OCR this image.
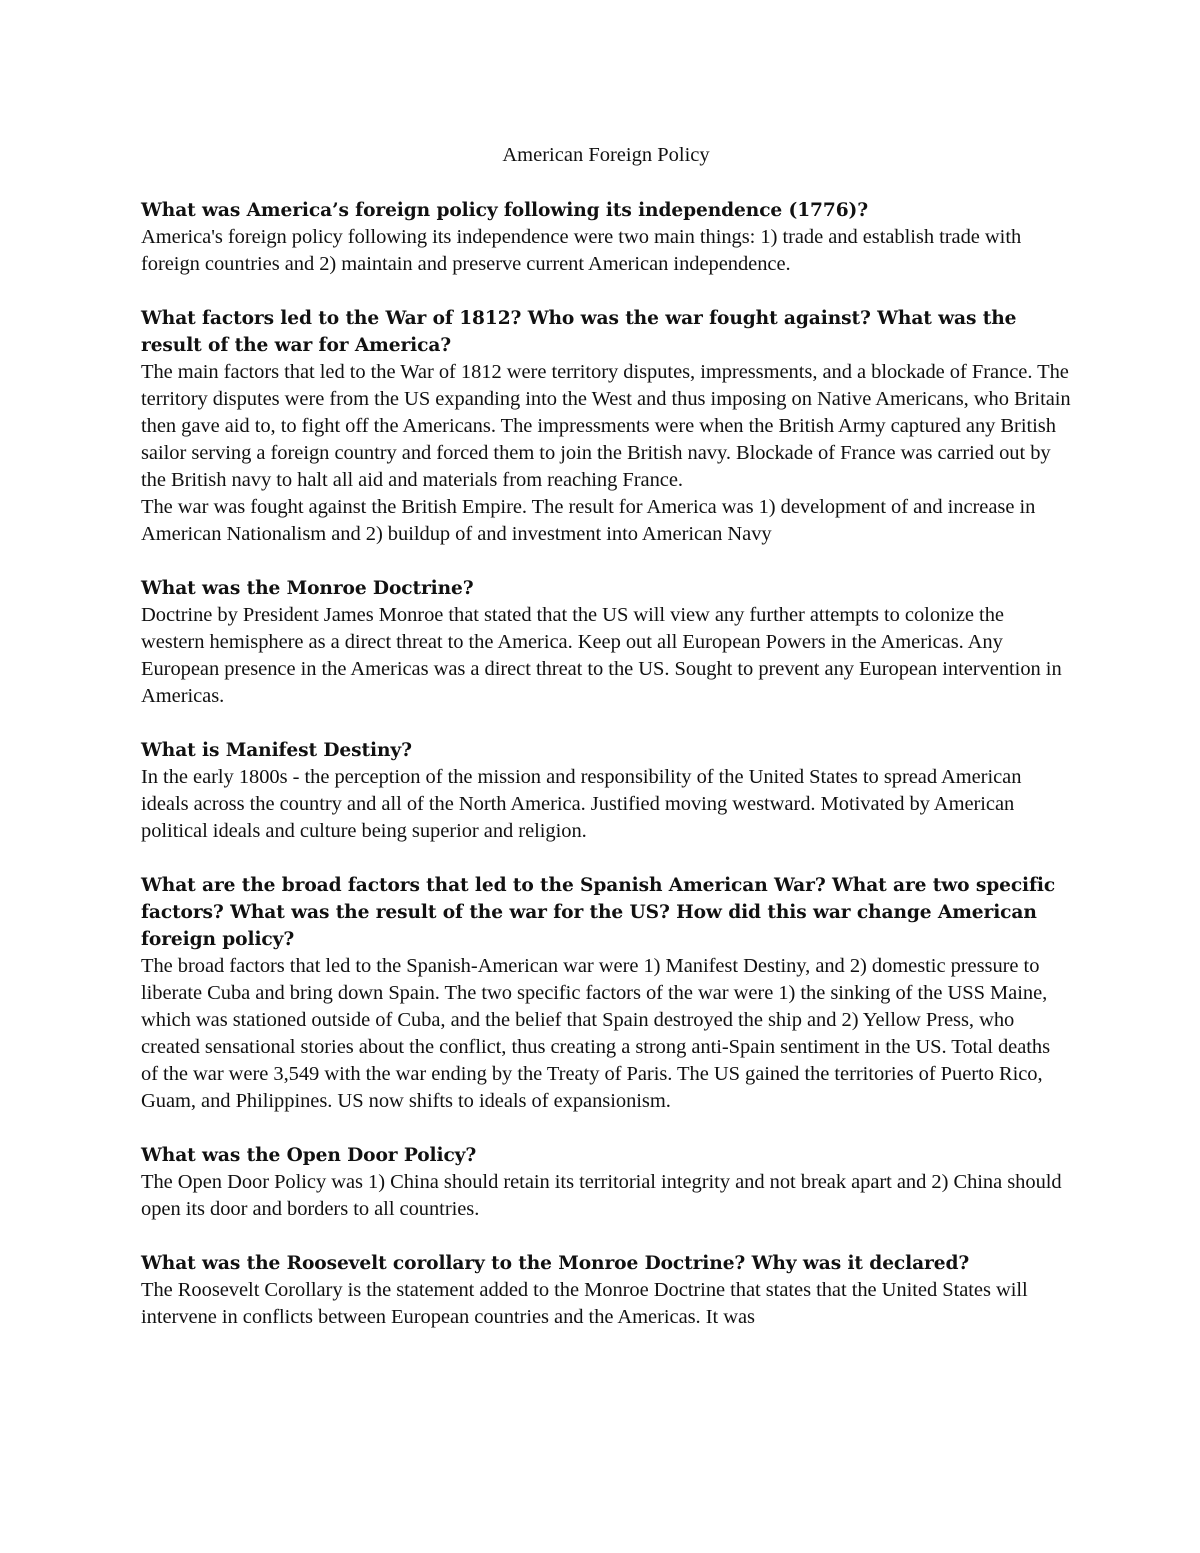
American Foreign Policy

What was America’s foreign policy following its independence (1776)?

America's foreign policy following its independence were two main things: 1) trade and establish trade with foreign countries and 2) maintain and preserve current American independence.

What factors led to the War of 1812? Who was the war fought against? What was the result of the war for America?

The main factors that led to the War of 1812 were territory disputes, impressments, and a blockade of France. The territory disputes were from the US expanding into the West and thus imposing on Native Americans, who Britain then gave aid to, to fight off the Americans. The impressments were when the British Army captured any British sailor serving a foreign country and forced them to join the British navy. Blockade of France was carried out by the British navy to halt all aid and materials from reaching France.

The war was fought against the British Empire. The result for America was 1) development of and increase in American Nationalism and 2) buildup of and investment into American Navy

What was the Monroe Doctrine?

Doctrine by President James Monroe that stated that the US will view any further attempts to colonize the western hemisphere as a direct threat to the America. Keep out all European Powers in the Americas. Any European presence in the Americas was a direct threat to the US. Sought to prevent any European intervention in Americas.

What is Manifest Destiny?

In the early 1800s - the perception of the mission and responsibility of the United States to spread American ideals across the country and all of the North America. Justified moving westward. Motivated by American political ideals and culture being superior and religion.

What are the broad factors that led to the Spanish American War? What are two specific factors? What was the result of the war for the US? How did this war change American foreign policy?

The broad factors that led to the Spanish-American war were 1) Manifest Destiny, and 2) domestic pressure to liberate Cuba and bring down Spain. The two specific factors of the war were 1) the sinking of the USS Maine, which was stationed outside of Cuba, and the belief that Spain destroyed the ship and 2) Yellow Press, who created sensational stories about the conflict, thus creating a strong anti-Spain sentiment in the US. Total deaths of the war were 3,549 with the war ending by the Treaty of Paris. The US gained the territories of Puerto Rico, Guam, and Philippines. US now shifts to ideals of expansionism.

What was the Open Door Policy?

The Open Door Policy was 1) China should retain its territorial integrity and not break apart and 2) China should open its door and borders to all countries.

What was the Roosevelt corollary to the Monroe Doctrine? Why was it declared?

The Roosevelt Corollary is the statement added to the Monroe Doctrine that states that the United States will intervene in conflicts between European countries and the Americas. It was
